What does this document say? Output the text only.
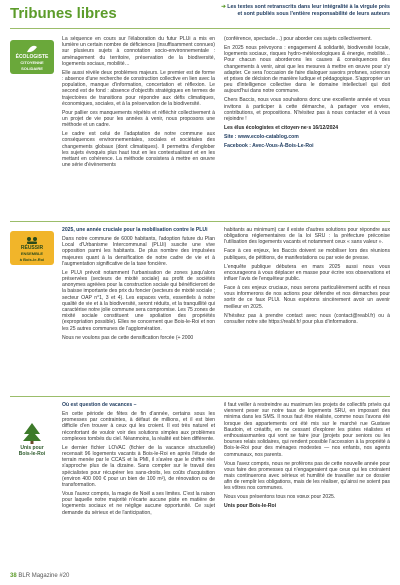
Tribunes libres	➔ Les textes sont retranscrits dans leur intégralité à la virgule près
et sont publiés sous l'entière responsabilité de leurs auteurs
ÉCOLOGISTE
CITOYENNE
SOLIDAIRE

La séquence en cours sur l'élaboration du futur PLUi a mis en lumière un certain nombre de déficiences (insuffisamment connues) sur plusieurs sujets à connotation socio-environnementale : aménagement du territoire, préservation de la biodiversité, logements sociaux, mobilité…

Elle aussi révèle deux problèmes majeurs. Le premier est de forme : absence d'une recherche de construction collective en lien avec la population, manque d'information, concertation et réflexion. Le second est de fond : absence d'objectifs stratégiques en termes de trajectoires de transitions pour répondre aux défis climatiques, économiques, sociales, et à la préservation de la biodiversité.

Pour pallier ces manquements répétés et réfléchir collectivement à un projet de vie pour les années à venir, nous proposons une méthode et un cadre.

Le cadre est celui de l'adaptation de notre commune aux conséquences environnementales, sociales et sociétales des changements globaux (dont climatiques). Il permettra d'englober les sujets évoqués plus haut tout en les contextualisant et en les mettant en cohérence. La méthode consistera à mettre en œuvre une série d'évènements

(conférence, spectacle…) pour aborder ces sujets collectivement.

En 2025 nous prévoyons : engagement & solidarité, biodiversité locale, logements sociaux, risques hydro-météorologiques & énergie, mobilité… Pour chacun nous aborderons les causes & conséquences des changements à venir, ainsi que les mesures à mettre en œuvre pour s'y adapter. Ce sera l'occasion de faire dialoguer savoirs profanes, sciences et prises de décision de manière ludique et pédagogique. S'approprier un peu d'intelligence collective dans le domaine intellectuel qui doit aujourd'hui dans notre commune.

Chers Baccis, nous vous souhaitons donc une excellente année et vous invitons à participer à cette démarche, à partager vos envies, contributions, et propositions. N'hésitez pas à nous contacter et à vous rejoindre !

Les élus écologistes et citoyen·ne·s 16/12/2024

Site : www.ecolo-catablog.com

Facebook : Avec-Vous-À-Bois-Le-Roi

RÉUSSIR
ENSEMBLE
à Bois-le-Roi

2025, une année cruciale pour la mobilisation contre le PLUi

Dans notre commune de 6000 habitants, l'adoption future du Plan Local d'Urbanisme Intercommunal (PLUi) suscite une vive opposition parmi les habitants. De plus nombre des impulsées majeures quant à la densification de notre cadre de vie et à l'augmentation significative de la taxe foncière.

Le PLUi prévoit notamment l'urbanisation de zones jusqu'alors préservées (secteurs de mixité sociale) au profit de sociétés anonymes agréées pour la construction sociale qui bénéficieront de la baisse importante des prix du foncier (secteurs de mixité sociale ; secteur OAP n°1, 3 et 4). Les espaces verts, essentiels à notre qualité de vie et à la biodiversité, seront réduits, et la tranquillité qui caractérise notre jolie commune sera compromise. Les 75 zones de mixité sociale constituent une spoliation des propriétés (expropriation possible). Elles ne concernent que Bois-le-Roi et non les 25 autres communes de l'agglomération.

Nous ne voulons pas de cette densification forcée (+ 2000

habitants au minimum) car il existe d'autres solutions pour répondre aux obligations réglementaires de la loi SRU : la préfecture préconise l'utilisation des logements vacants et notamment ceux « sans valeur ».

Face à ces enjeux, les Baccis doivent se mobiliser lors des réunions publiques, de pétitions, de manifestations ou par voie de presse.

L'enquête publique débutera en mars 2025 aussi nous vous encourageons à vous déplacer en masse pour écrire vos observations et influer l'avis de l'enquêteur public.

Face à ces enjeux cruciaux, nous serons particulièrement actifs et nous vous informerons de nos actions pour défendre et nos démarches pour sortir de ce faux PLUi. Nous espérons sincèrement avoir un avenir meilleur en 2025.

N'hésitez pas à prendre contact avec nous (contact@reabl.fr) ou à consulter notre site https://reabl.fr/ pour plus d'informations.

Unis pour
Bois-le-Roi

Où est question de vacances –

En cette période de fêtes de fin d'année, certains sous les promesses par contraintes, à défaut de millions, et il est bien difficile d'en trouver à ceux qui les croient. Il est très naturel et réconfortant de vouloir voir des solutions simples aux problèmes complexes tombés du ciel. Néanmoins, la réalité est bien différente.

Le dernier fichier LOVAC (fichier de la vacance structurelle) recensait 96 logements vacants à Bois-le-Roi en après l'étude de terrain menée par le CCAS et la PMI, il s'avère que le chiffre réel s'approche plus de la dizaine. Sans compter sur le travail des spécialistes pour récupérer les sans-droits, les coûts d'acquisition (environ 400 000 € pour un bien de 100 m²), de rénovation ou de transformation.

Vous l'aurez compris, la magie de Noël a ses limites. C'est la raison pour laquelle notre majorité n'écarte aucune piste en matière de logements sociaux et ne néglige aucune opportunité. Ce sujet demande du sérieux et de l'anticipation,

il faut veiller à restreindre au maximum les projets de collectifs privés qui viennent peser sur notre taux de logements SRU, en imposant des minima dans les SMS. Il nous faut être réaliste, comme nous l'avons été lorsque des appartements ont été mis sur le marché rue Gustave Baudoin, et créatifs, en ne cessant d'explorer les pistes réalistes et enthousiasmantes qui vont se faire jour (projets pour seniors ou les bourses relais solidaires, qui rendent possible l'accession à la propriété à Bois-le-Roi pour des ménages modestes — nos enfants, nos agents communaux, nos parents.

Vous l'avez compris, nous ne proférons pas de cette nouvelle année pour vous faire des promesses qui n'engageraient que ceux qui les croiraient mais continuerons avec sérieux et humilité de travailler sur ce dossier afin de remplir les obligations, mais de les réaliser, qu'ainsi ne soient pas les vôtres nos communes.

Nous vous présentons tous nos vœux pour 2025.

Unis pour Bois-le-Roi

38 BLR Magazine #20
